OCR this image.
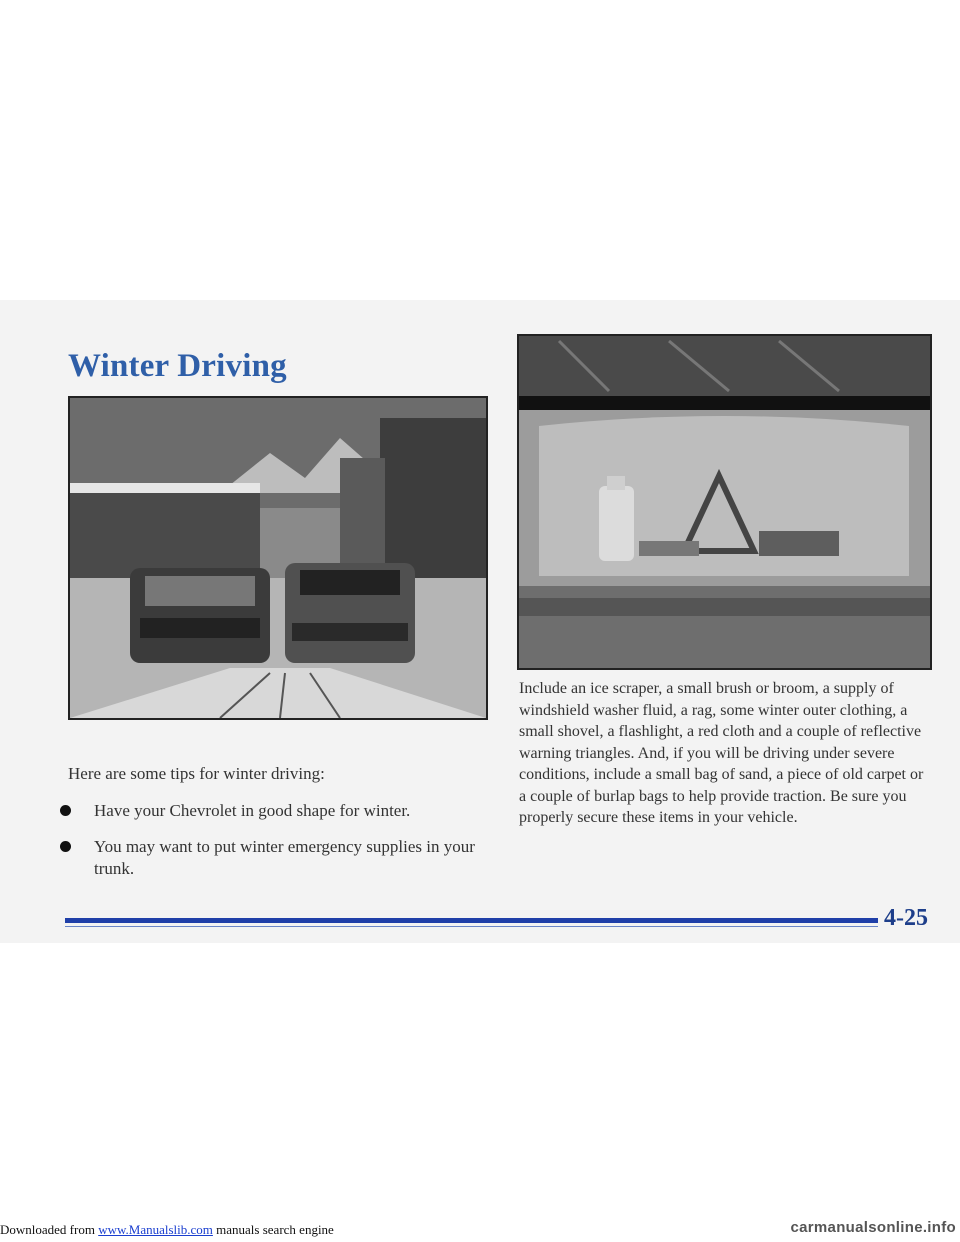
Winter Driving

Here are some tips for winter driving:

Have your Chevrolet in good shape for winter.
You may want to put winter emergency supplies in your trunk.

Include an ice scraper, a small brush or broom, a supply of windshield washer fluid, a rag, some winter outer clothing, a small shovel, a flashlight, a red cloth and a couple of reflective warning triangles. And, if you will be driving under severe conditions, include a small bag of sand, a piece of old carpet or a couple of burlap bags to help provide traction. Be sure you properly secure these items in your vehicle.

4-25

Downloaded from www.Manualslib.com manuals search engine	carmanualsonline.info
